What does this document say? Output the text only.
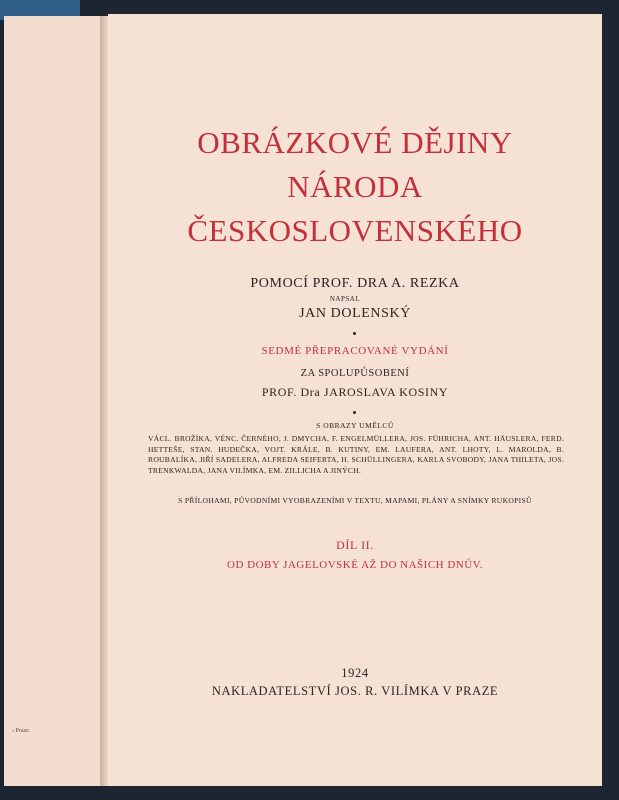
› Praze.
OBRÁZKOVÉ DĚJINY
NÁRODA
ČESKOSLOVENSKÉHO
POMOCÍ PROF. DRA A. REZKA
NAPSAL
JAN DOLENSKÝ
SEDMÉ PŘEPRACOVANÉ VYDÁNÍ
ZA SPOLUPŮSOBENÍ
PROF. Dra JAROSLAVA KOSINY
S OBRAZY UMĚLCŮ
VÁCL. BROŽÍKA, VÉNC. ČERNÉHO, J. DMYCHA, F. ENGELMÜLLERA, JOS. FÜHRICHA, ANT. HÄUSLERA, FERD. HETTEŠE, STAN. HUDEČKA, VOJT. KRÁLE, B. KUTINY, EM. LAUFERA, ANT. LHOTY, L. MAROLDA, B. ROUBALÍKA, JIŘÍ SADELERA, ALFREDA SEIFERTA, H. SCHÜLLINGERA, KARLA SVOBODY, JANA THILETA, JOS. TRENKWALDA, JANA VILÍMKA, EM. ZILLICHA A JINÝCH.
S PŘÍLOHAMI, PŮVODNÍMI VYOBRAZENÍMI V TEXTU, MAPAMI, PLÁNY A SNÍMKY RUKOPISŮ
DÍL II.
OD DOBY JAGELOVSKÉ AŽ DO NAŠICH DNŮV.
1924
NAKLADATELSTVÍ JOS. R. VILÍMKA V PRAZE
